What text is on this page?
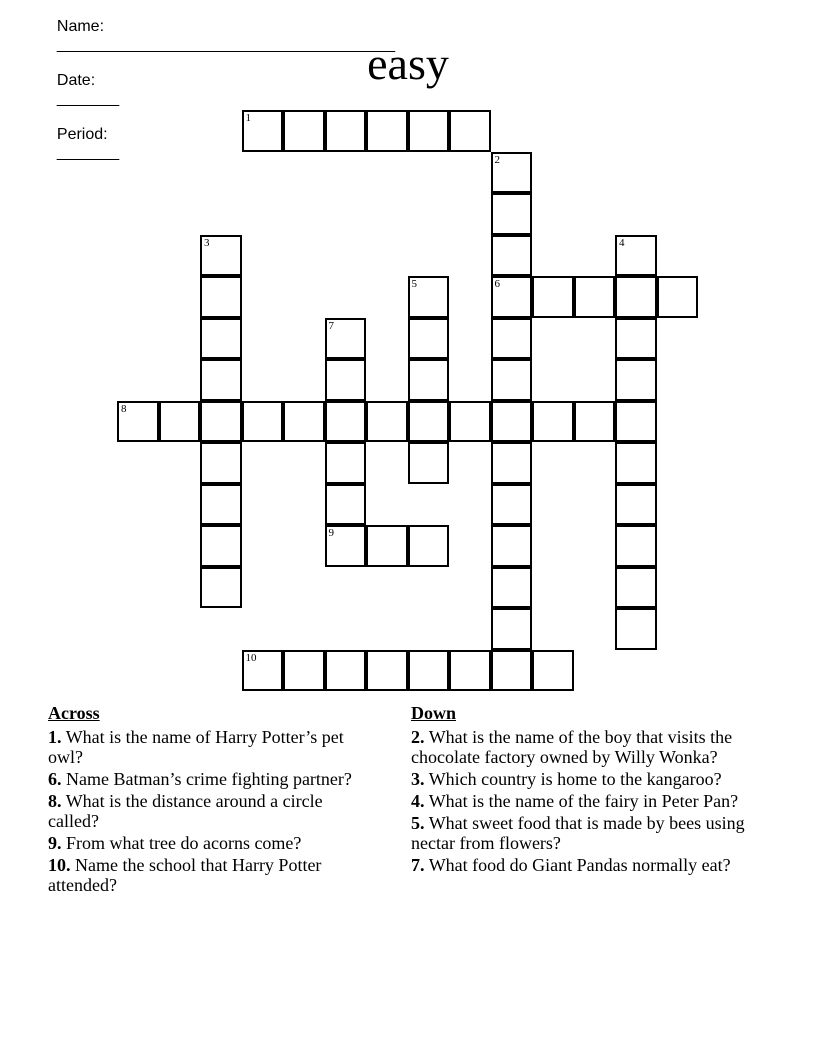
Name:
______________________________________

Date:
_______

Period:
_______

easy
1
2
6
3	4
5
7
9
8
10
Across
1. What is the name of Harry Potter’s pet owl?
6. Name Batman’s crime fighting partner?
8. What is the distance around a circle called?
9. From what tree do acorns come?
10. Name the school that Harry Potter attended?
Down
2. What is the name of the boy that visits the chocolate factory owned by Willy Wonka?
3. Which country is home to the kangaroo?
4. What is the name of the fairy in Peter Pan?
5. What sweet food that is made by bees using nectar from flowers?
7. What food do Giant Pandas normally eat?
